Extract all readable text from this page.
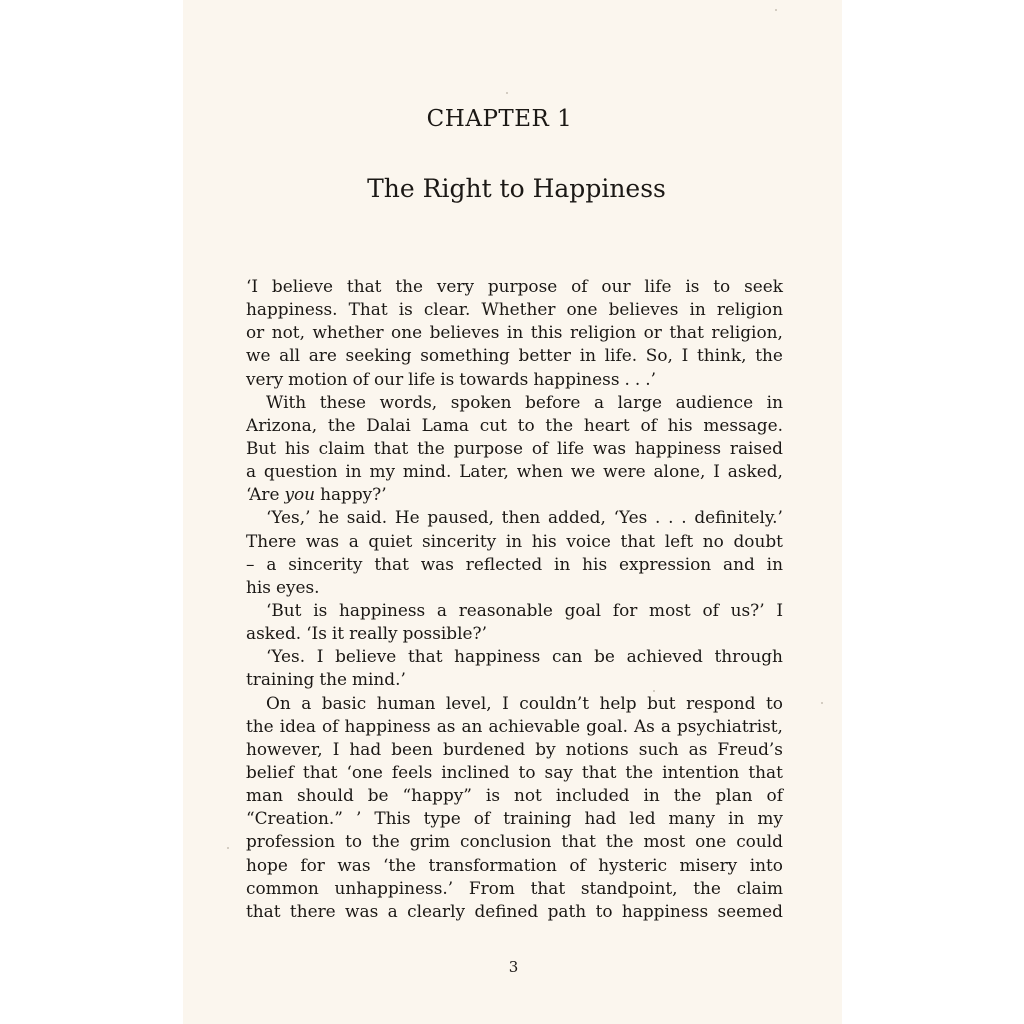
CHAPTER 1
The Right to Happiness
‘I believe that the very purpose of our life is to seek
happiness. That is clear. Whether one believes in religion
or not, whether one believes in this religion or that religion,
we all are seeking something better in life. So, I think, the
very motion of our life is towards happiness . . .’
With these words, spoken before a large audience in
Arizona, the Dalai Lama cut to the heart of his message.
But his claim that the purpose of life was happiness raised
a question in my mind. Later, when we were alone, I asked,
‘Are you happy?’
‘Yes,’ he said. He paused, then added, ‘Yes . . . definitely.’
There was a quiet sincerity in his voice that left no doubt
– a sincerity that was reflected in his expression and in
his eyes.
‘But is happiness a reasonable goal for most of us?’ I
asked. ‘Is it really possible?’
‘Yes. I believe that happiness can be achieved through
training the mind.’
On a basic human level, I couldn’t help but respond to
the idea of happiness as an achievable goal. As a psychiatrist,
however, I had been burdened by notions such as Freud’s
belief that ‘one feels inclined to say that the intention that
man should be “happy” is not included in the plan of
“Creation.” ’ This type of training had led many in my
profession to the grim conclusion that the most one could
hope for was ‘the transformation of hysteric misery into
common unhappiness.’ From that standpoint, the claim
that there was a clearly defined path to happiness seemed
3
